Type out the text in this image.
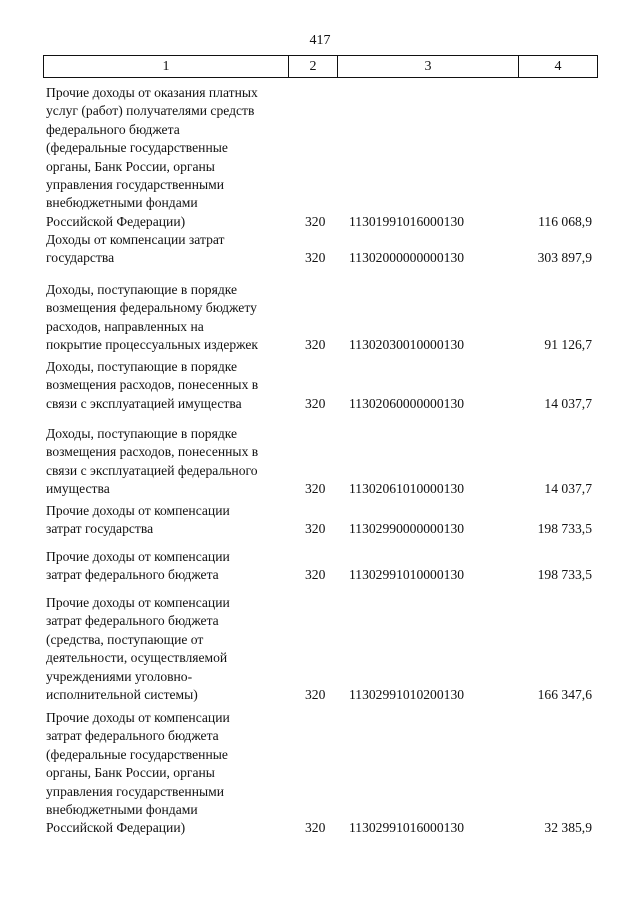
417
1	2	3	4
Прочие доходы от оказания платных
услуг (работ) получателями средств
федерального бюджета
(федеральные государственные
органы, Банк России, органы
управления государственными
внебюджетными фондами
Российской Федерации)	320 11301991016000130	116 068,9
Доходы от компенсации затрат
государства	320 11302000000000130	303 897,9
Доходы, поступающие в порядке
возмещения федеральному бюджету
расходов, направленных на
покрытие процессуальных издержек	320 11302030010000130	91 126,7
Доходы, поступающие в порядке
возмещения расходов, понесенных в
связи с эксплуатацией имущества	320 11302060000000130	14 037,7
Доходы, поступающие в порядке
возмещения расходов, понесенных в
связи с эксплуатацией федерального
имущества	320 11302061010000130	14 037,7
Прочие доходы от компенсации
затрат государства	320 11302990000000130	198 733,5
Прочие доходы от компенсации
затрат федерального бюджета	320 11302991010000130	198 733,5
Прочие доходы от компенсации
затрат федерального бюджета
(средства, поступающие от
деятельности, осуществляемой
учреждениями уголовно-
исполнительной системы)	320 11302991010200130	166 347,6
Прочие доходы от компенсации
затрат федерального бюджета
(федеральные государственные
органы, Банк России, органы
управления государственными
внебюджетными фондами
Российской Федерации)	320 11302991016000130	32 385,9
